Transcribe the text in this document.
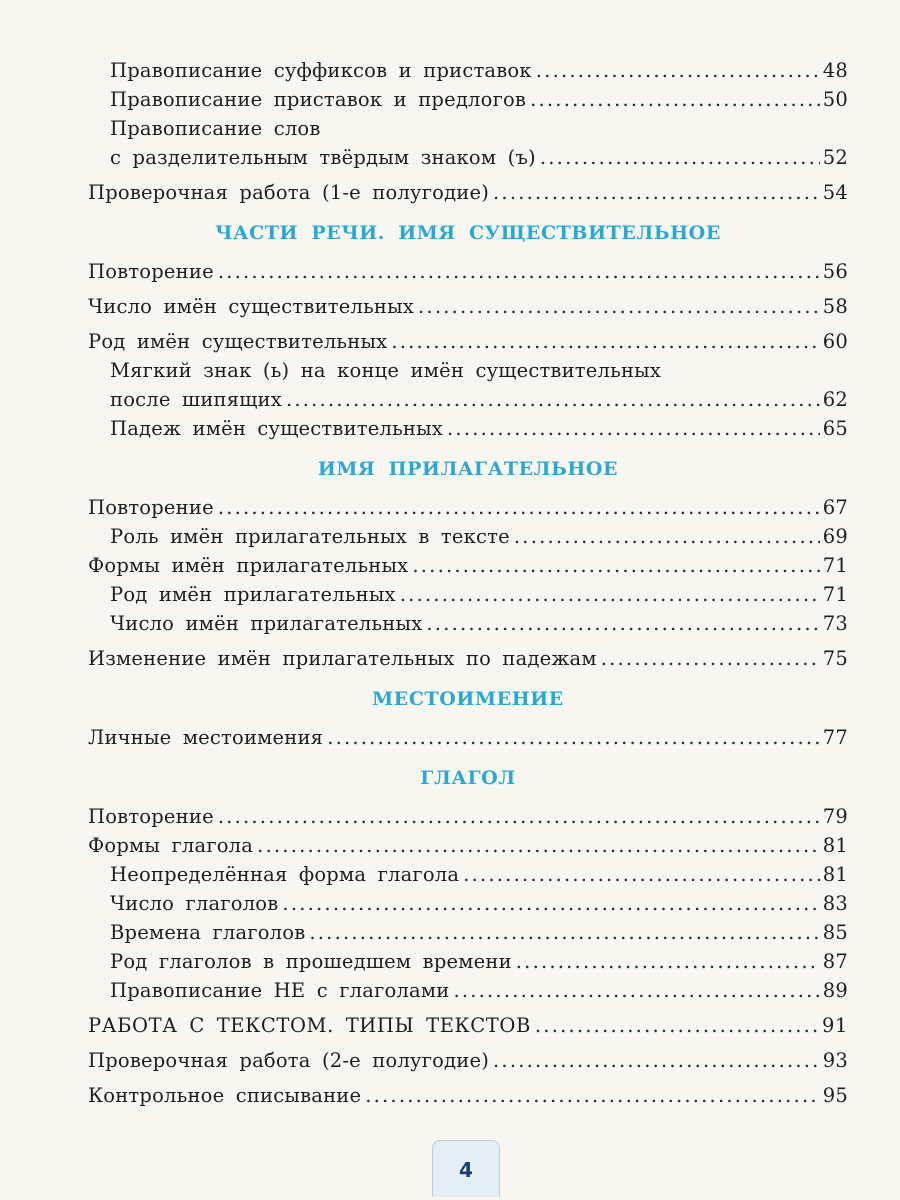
Правописание суффиксов и приставок .....	48
Правописание приставок и предлогов .....	50
Правописание слов
с разделительным твёрдым знаком (ъ) .....	52
Проверочная работа (1-е полугодие) .....	54
ЧАСТИ РЕЧИ. ИМЯ СУЩЕСТВИТЕЛЬНОЕ
Повторение .....	56
Число имён существительных .....	58
Род имён существительных .....	60
Мягкий знак (ь) на конце имён существительных
после шипящих .....	62
Падеж имён существительных .....	65
ИМЯ ПРИЛАГАТЕЛЬНОЕ
Повторение .....	67
Роль имён прилагательных в тексте .....	69
Формы имён прилагательных .....	71
Род имён прилагательных .....	71
Число имён прилагательных .....	73
Изменение имён прилагательных по падежам .....	75
МЕСТОИМЕНИЕ
Личные местоимения .....	77
ГЛАГОЛ
Повторение .....	79
Формы глагола .....	81
Неопределённая форма глагола .....	81
Число глаголов .....	83
Времена глаголов .....	85
Род глаголов в прошедшем времени .....	87
Правописание НЕ с глаголами .....	89
РАБОТА С ТЕКСТОМ. ТИПЫ ТЕКСТОВ .....	91
Проверочная работа (2-е полугодие) .....	93
Контрольное списывание .....	95
4
